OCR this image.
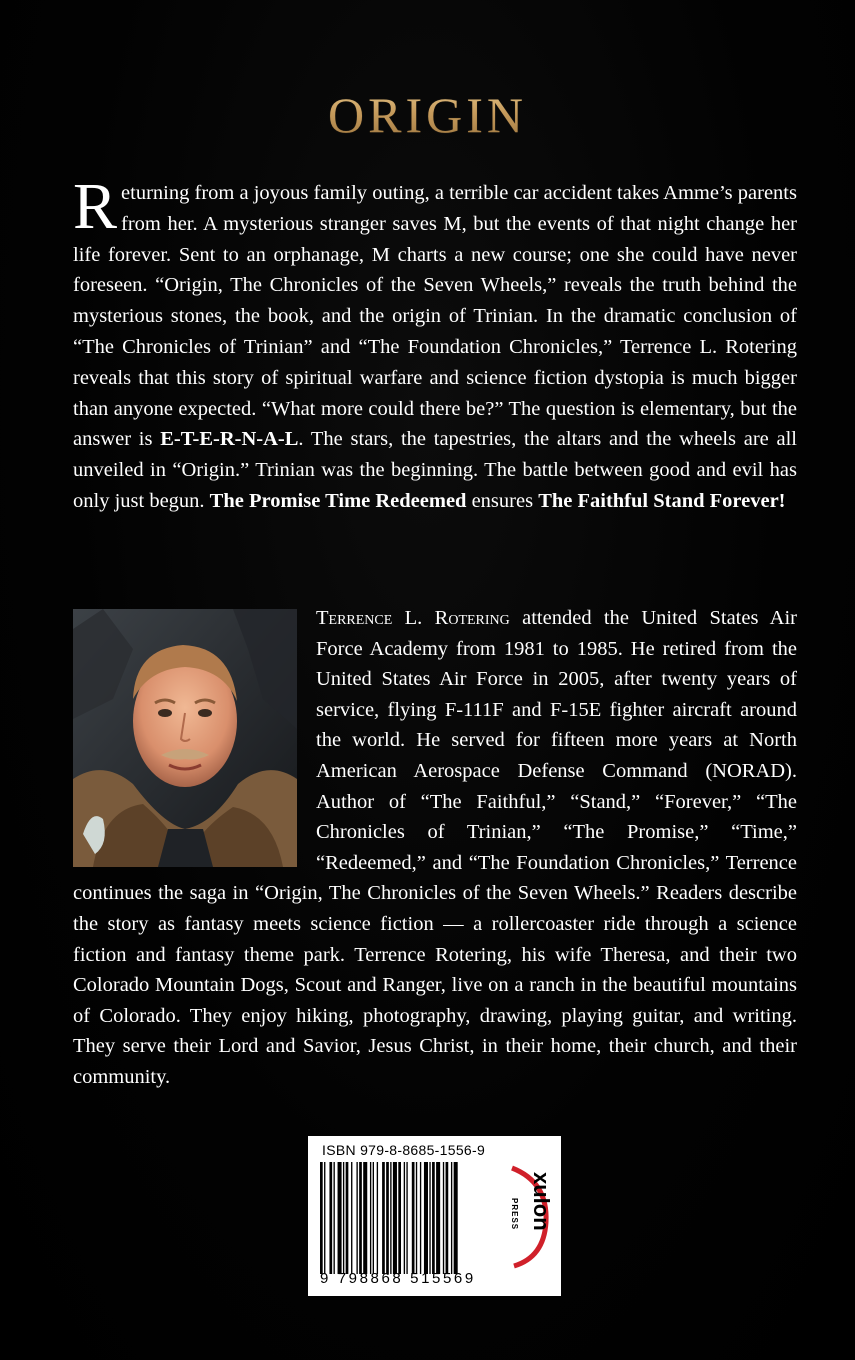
ORIGIN

Returning from a joyous family outing, a terrible car accident takes Amme’s parents from her. A mysterious stranger saves M, but the events of that night change her life forever. Sent to an orphanage, M charts a new course; one she could have never foreseen. “Origin, The Chronicles of the Seven Wheels,” reveals the truth behind the mysterious stones, the book, and the origin of Trinian. In the dramatic conclusion of “The Chronicles of Trinian” and “The Foundation Chronicles,” Terrence L. Rotering reveals that this story of spiritual warfare and science fiction dystopia is much bigger than anyone expected. “What more could there be?” The question is elementary, but the answer is E-T-E-R-N-A-L. The stars, the tapestries, the altars and the wheels are all unveiled in “Origin.” Trinian was the beginning. The battle between good and evil has only just begun. The Promise Time Redeemed ensures The Faithful Stand Forever!

Terrence L. Rotering attended the United States Air Force Academy from 1981 to 1985. He retired from the United States Air Force in 2005, after twenty years of service, flying F-111F and F-15E fighter aircraft around the world. He served for fifteen more years at North American Aerospace Defense Command (NORAD). Author of “The Faithful,” “Stand,” “Forever,” “The Chronicles of Trinian,” “The Promise,” “Time,” “Redeemed,” and “The Foundation Chronicles,” Terrence continues the saga in “Origin, The Chronicles of the Seven Wheels.” Readers describe the story as fantasy meets science fiction — a rollercoaster ride through a science fiction and fantasy theme park. Terrence Rotering, his wife Theresa, and their two Colorado Mountain Dogs, Scout and Ranger, live on a ranch in the beautiful mountains of Colorado. They enjoy hiking, photography, drawing, playing guitar, and writing. They serve their Lord and Savior, Jesus Christ, in their home, their church, and their community.
ISBN 979-8-8685-1556-9
9 798868 515569
xulon
PRESS
